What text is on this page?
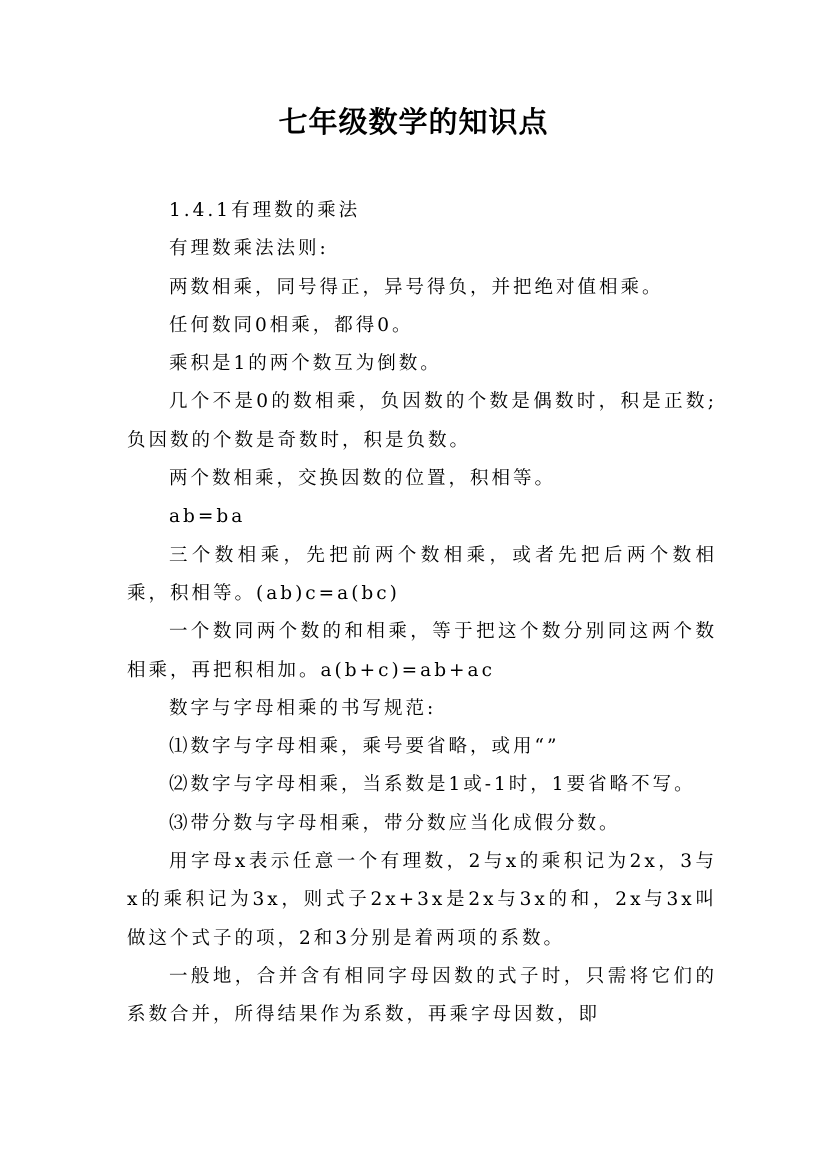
七年级数学的知识点

1.4.1有理数的乘法

有理数乘法法则:

两数相乘，同号得正，异号得负，并把绝对值相乘。

任何数同0相乘，都得0。

乘积是1的两个数互为倒数。

几个不是0的数相乘，负因数的个数是偶数时，积是正数;负因数的个数是奇数时，积是负数。

两个数相乘，交换因数的位置，积相等。

ab=ba

三个数相乘，先把前两个数相乘，或者先把后两个数相乘，积相等。(ab)c=a(bc)

一个数同两个数的和相乘，等于把这个数分别同这两个数相乘，再把积相加。a(b+c)=ab+ac

数字与字母相乘的书写规范:

⑴数字与字母相乘，乘号要省略，或用“”

⑵数字与字母相乘，当系数是1或-1时，1要省略不写。

⑶带分数与字母相乘，带分数应当化成假分数。

用字母x表示任意一个有理数，2与x的乘积记为2x，3与x的乘积记为3x，则式子2x+3x是2x与3x的和，2x与3x叫做这个式子的项，2和3分别是着两项的系数。

一般地，合并含有相同字母因数的式子时，只需将它们的系数合并，所得结果作为系数，再乘字母因数，即
